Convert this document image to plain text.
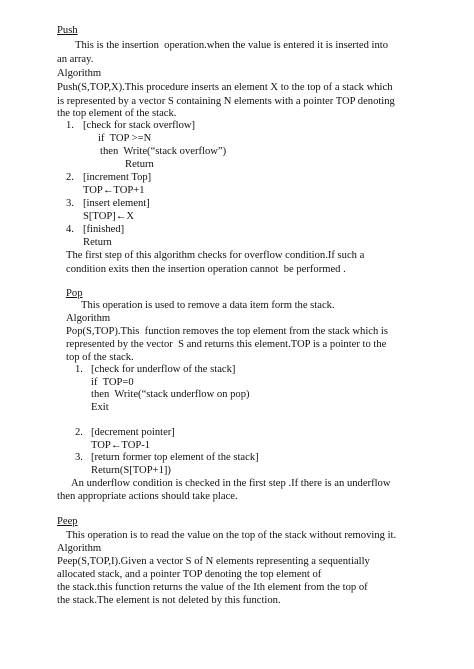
Push
This is the insertion  operation.when the value is entered it is inserted into
an array.
Algorithm
Push(S,TOP,X).This procedure inserts an element X to the top of a stack which
is represented by a vector S containing N elements with a pointer TOP denoting
the top element of the stack.
1. [check for stack overflow]
if  TOP >=N
then  Write(“stack overflow”)
Return
2. [increment Top]
TOP←TOP+1
3. [insert element]
S[TOP]←X
4. [finished]
Return
The first step of this algorithm checks for overflow condition.If such a
condition exits then the insertion operation cannot  be performed .
Pop
This operation is used to remove a data item form the stack.
Algorithm
Pop(S,TOP).This  function removes the top element from the stack which is
represented by the vector  S and returns this element.TOP is a pointer to the
top of the stack.
1. [check for underflow of the stack]
if  TOP=0
then  Write(“stack underflow on pop)
Exit
2. [decrement pointer]
TOP←TOP-1
3. [return former top element of the stack]
Return(S[TOP+1])
An underflow condition is checked in the first step .If there is an underflow
then appropriate actions should take place.
Peep
This operation is to read the value on the top of the stack without removing it.
Algorithm
Peep(S,TOP,I).Given a vector S of N elements representing a sequentially
allocated stack, and a pointer TOP denoting the top element of
the stack.this function returns the value of the Ith element from the top of
the stack.The element is not deleted by this function.
